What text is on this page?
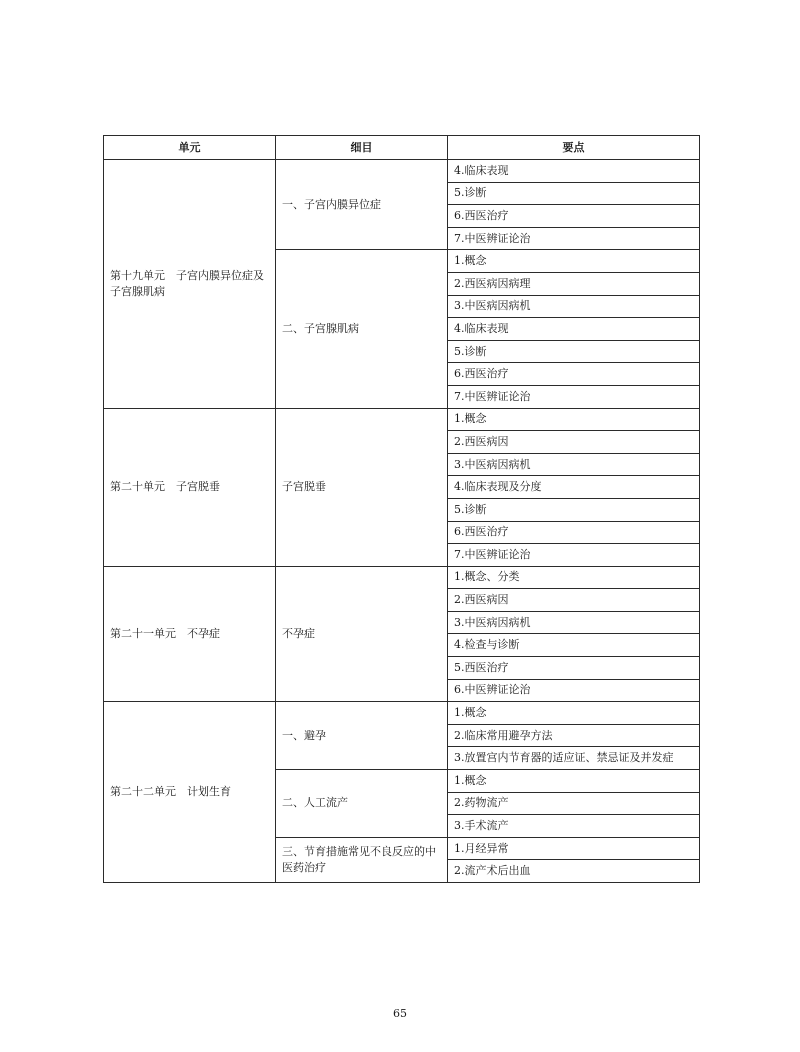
单元	细目	要点
第十九单元　子宫内膜异位症及子宫腺肌病	一、子宫内膜异位症	4.临床表现
		5.诊断
		6.西医治疗
		7.中医辨证论治
	二、子宫腺肌病	1.概念
		2.西医病因病理
		3.中医病因病机
		4.临床表现
		5.诊断
		6.西医治疗
		7.中医辨证论治
第二十单元　子宫脱垂	子宫脱垂	1.概念
		2.西医病因
		3.中医病因病机
		4.临床表现及分度
		5.诊断
		6.西医治疗
		7.中医辨证论治
第二十一单元　不孕症	不孕症	1.概念、分类
		2.西医病因
		3.中医病因病机
		4.检查与诊断
		5.西医治疗
		6.中医辨证论治
第二十二单元　计划生育	一、避孕	1.概念
		2.临床常用避孕方法
		3.放置宫内节育器的适应证、禁忌证及并发症
	二、人工流产	1.概念
		2.药物流产
		3.手术流产
	三、节育措施常见不良反应的中医药治疗	1.月经异常
		2.流产术后出血
65
